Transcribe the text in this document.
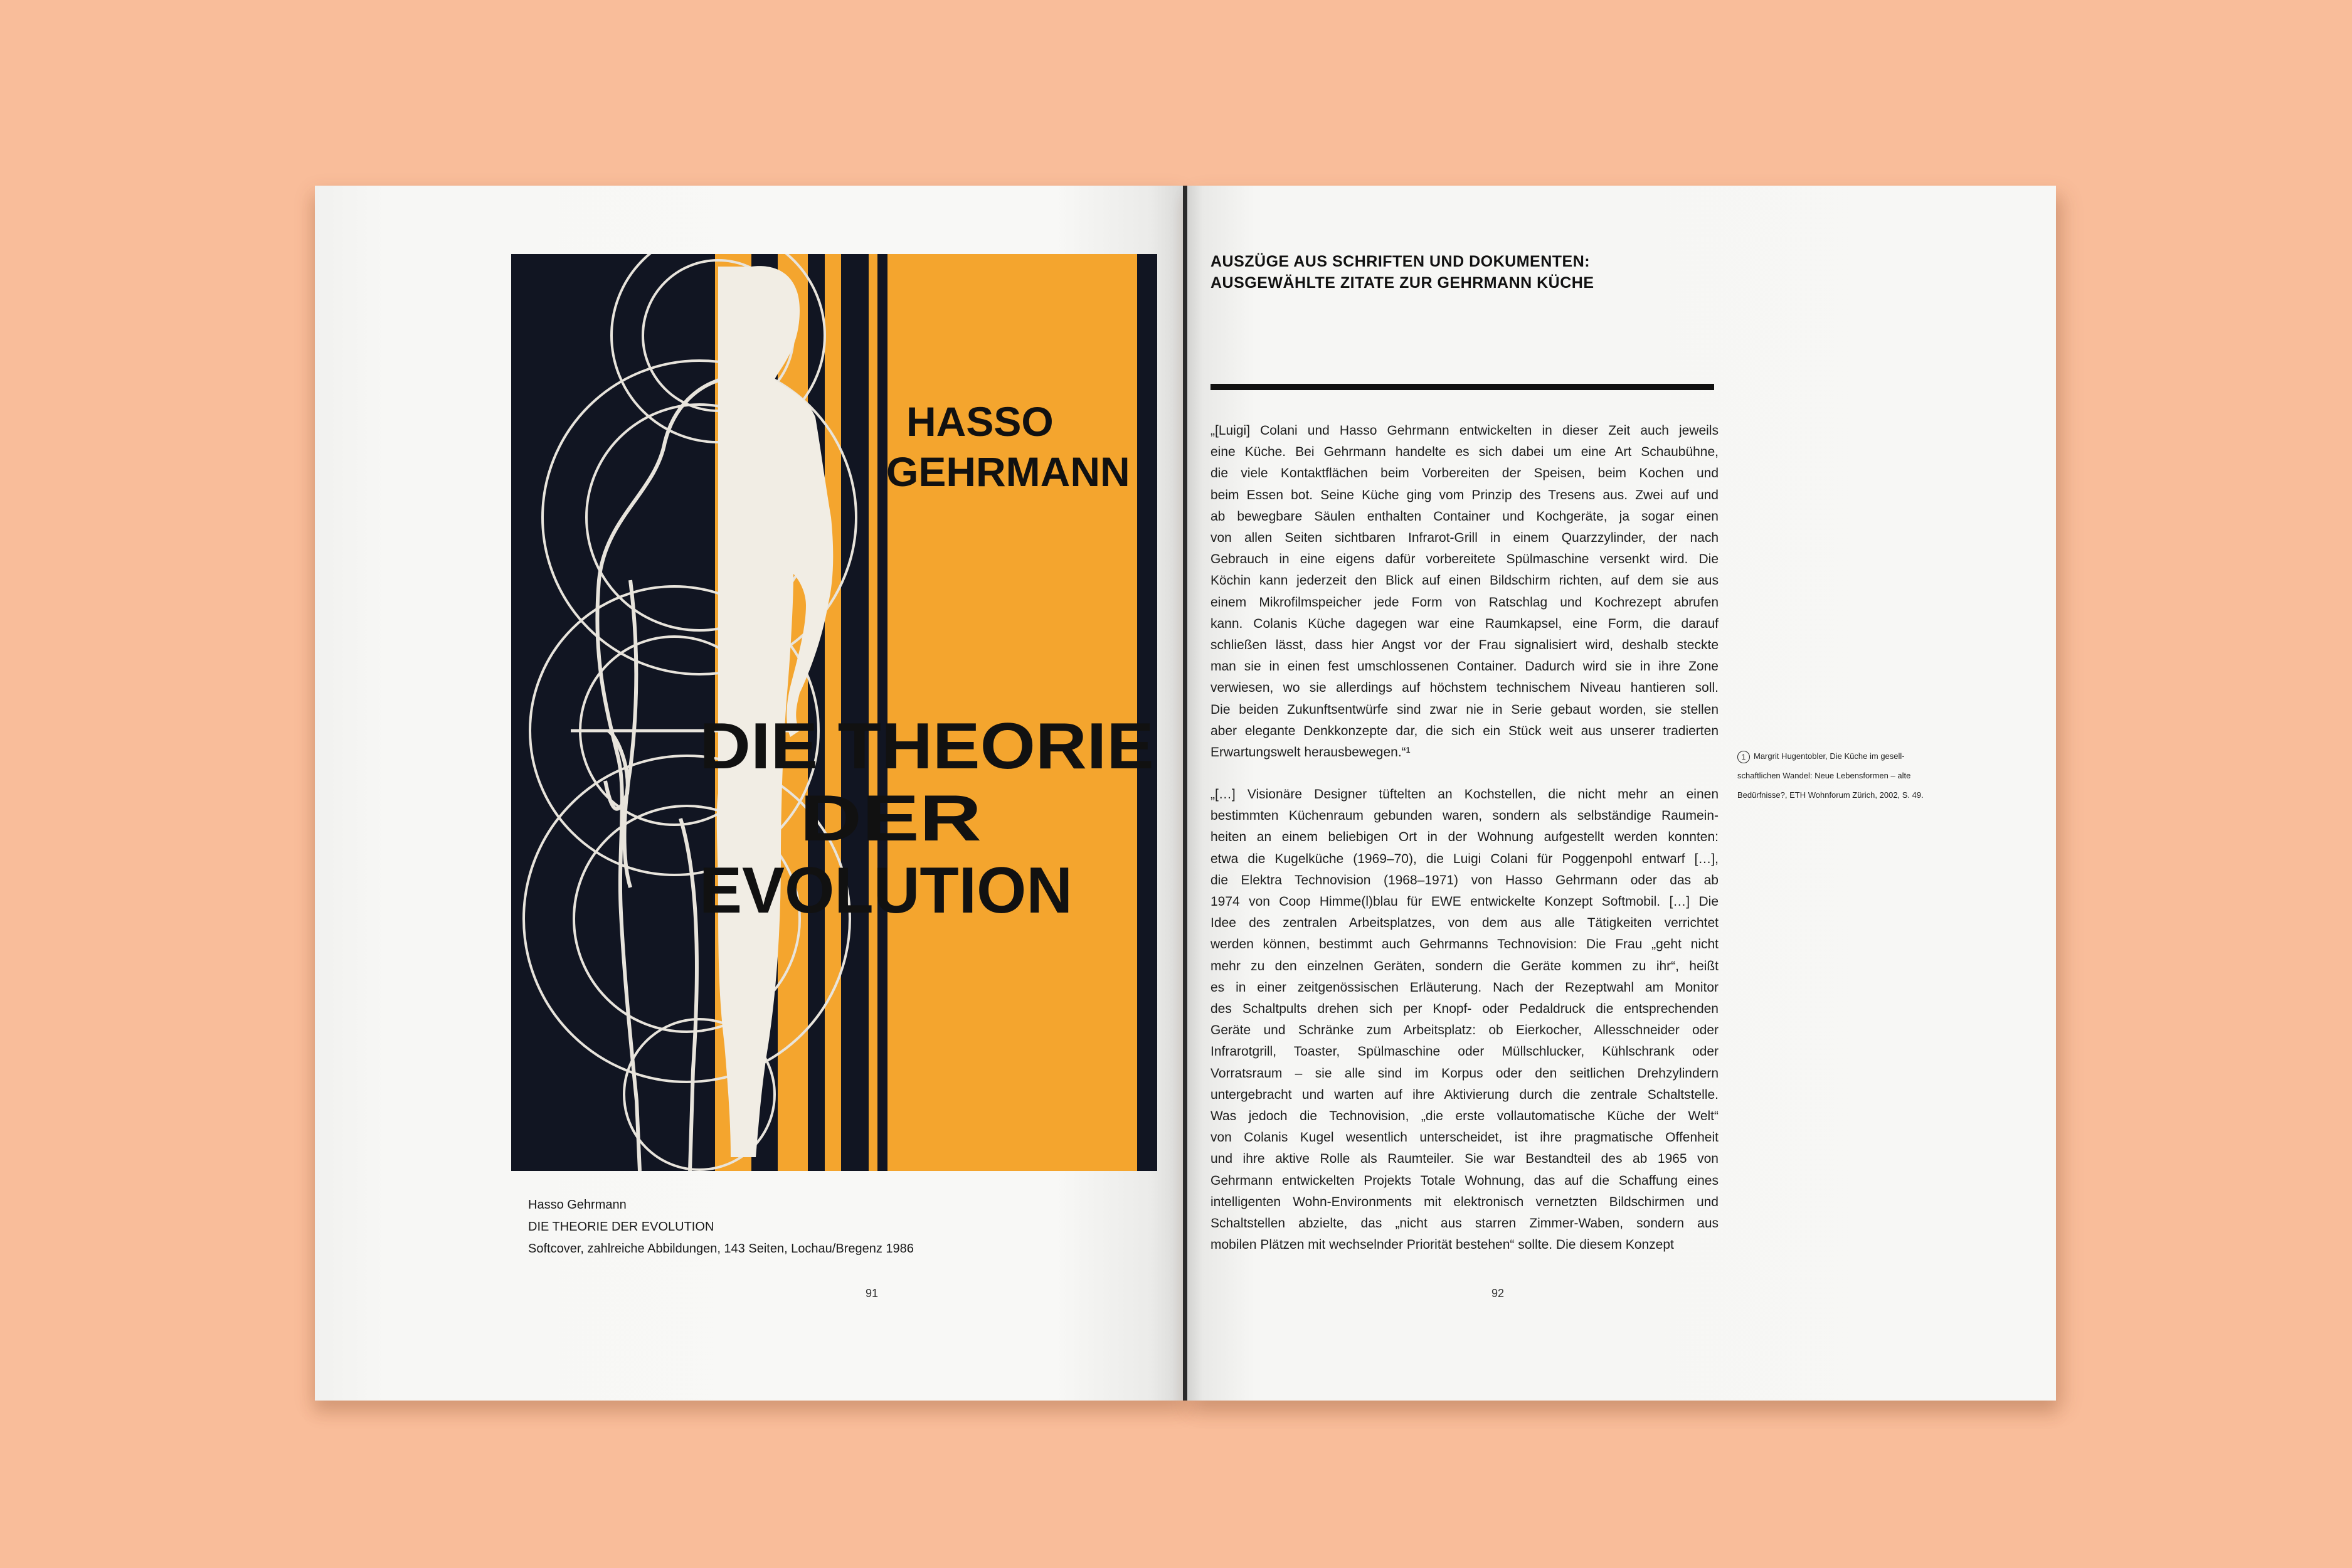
HASSO
GEHRMANN
DIE THEORIE
DER
EVOLUTION
Hasso Gehrmann
DIE THEORIE DER EVOLUTION
Softcover, zahlreiche Abbildungen, 143 Seiten, Lochau/Bregenz 1986
91
AUSZÜGE AUS SCHRIFTEN UND DOKUMENTEN:
AUSGEWÄHLTE ZITATE ZUR GEHRMANN KÜCHE
„[Luigi] Colani und Hasso Gehrmann entwickelten in dieser Zeit auch jeweils
eine Küche. Bei Gehrmann handelte es sich dabei um eine Art Schaubühne,
die viele Kontaktflächen beim Vorbereiten der Speisen, beim Kochen und
beim Essen bot. Seine Küche ging vom Prinzip des Tresens aus. Zwei auf und
ab bewegbare Säulen enthalten Container und Kochgeräte, ja sogar einen
von allen Seiten sichtbaren Infrarot-Grill in einem Quarzzylinder, der nach
Gebrauch in eine eigens dafür vorbereitete Spülmaschine versenkt wird. Die
Köchin kann jederzeit den Blick auf einen Bildschirm richten, auf dem sie aus
einem Mikrofilmspeicher jede Form von Ratschlag und Kochrezept abrufen
kann. Colanis Küche dagegen war eine Raumkapsel, eine Form, die darauf
schließen lässt, dass hier Angst vor der Frau signalisiert wird, deshalb steckte
man sie in einen fest umschlossenen Container. Dadurch wird sie in ihre Zone
verwiesen, wo sie allerdings auf höchstem technischem Niveau hantieren soll.
Die beiden Zukunftsentwürfe sind zwar nie in Serie gebaut worden, sie stellen
aber elegante Denkkonzepte dar, die sich ein Stück weit aus unserer tradierten
Erwartungswelt herausbewegen.“¹
„[…] Visionäre Designer tüftelten an Kochstellen, die nicht mehr an einen
bestimmten Küchenraum gebunden waren, sondern als selbständige Raumein-
heiten an einem beliebigen Ort in der Wohnung aufgestellt werden konnten:
etwa die Kugelküche (1969–70), die Luigi Colani für Poggenpohl entwarf […],
die Elektra Technovision (1968–1971) von Hasso Gehrmann oder das ab
1974 von Coop Himme(l)blau für EWE entwickelte Konzept Softmobil. […] Die
Idee des zentralen Arbeitsplatzes, von dem aus alle Tätigkeiten verrichtet
werden können, bestimmt auch Gehrmanns Technovision: Die Frau „geht nicht
mehr zu den einzelnen Geräten, sondern die Geräte kommen zu ihr“, heißt
es in einer zeitgenössischen Erläuterung. Nach der Rezeptwahl am Monitor
des Schaltpults drehen sich per Knopf- oder Pedaldruck die entsprechenden
Geräte und Schränke zum Arbeitsplatz: ob Eierkocher, Allesschneider oder
Infrarotgrill, Toaster, Spülmaschine oder Müllschlucker, Kühlschrank oder
Vorratsraum – sie alle sind im Korpus oder den seitlichen Drehzylindern
untergebracht und warten auf ihre Aktivierung durch die zentrale Schaltstelle.
Was jedoch die Technovision, „die erste vollautomatische Küche der Welt“
von Colanis Kugel wesentlich unterscheidet, ist ihre pragmatische Offenheit
und ihre aktive Rolle als Raumteiler. Sie war Bestandteil des ab 1965 von
Gehrmann entwickelten Projekts Totale Wohnung, das auf die Schaffung eines
intelligenten Wohn-Environments mit elektronisch vernetzten Bildschirmen und
Schaltstellen abzielte, das „nicht aus starren Zimmer-Waben, sondern aus
mobilen Plätzen mit wechselnder Priorität bestehen“ sollte. Die diesem Konzept
1 Margrit Hugentobler, Die Küche im gesell-
schaftlichen Wandel: Neue Lebensformen – alte
Bedürfnisse?, ETH Wohnforum Zürich, 2002, S. 49.
92
